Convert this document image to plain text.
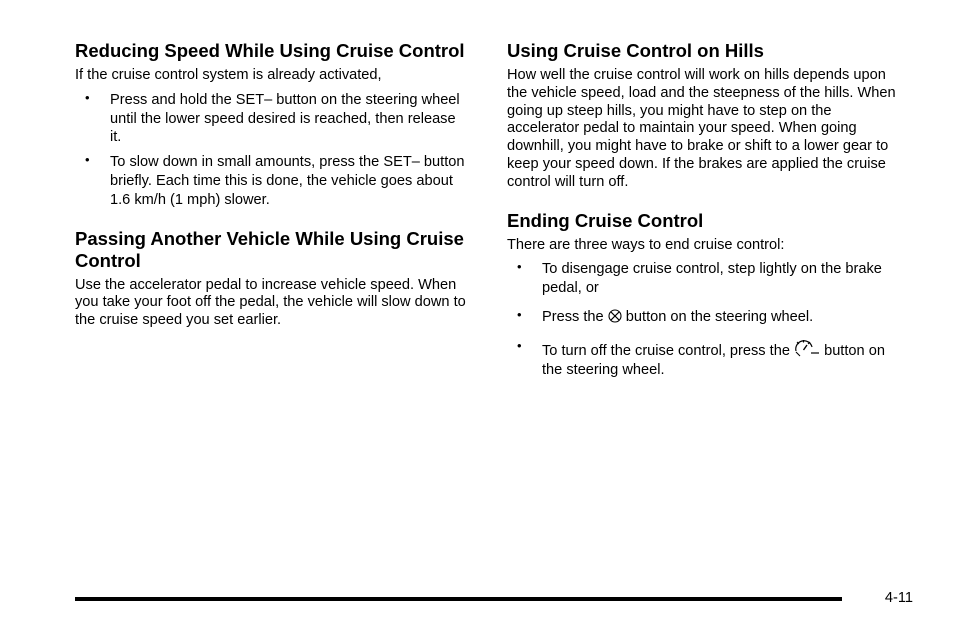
Reducing Speed While Using Cruise Control

If the cruise control system is already activated,

• Press and hold the SET– button on the steering wheel until the lower speed desired is reached, then release it.
• To slow down in small amounts, press the SET– button briefly. Each time this is done, the vehicle goes about 1.6 km/h (1 mph) slower.
Passing Another Vehicle While Using Cruise Control

Use the accelerator pedal to increase vehicle speed. When you take your foot off the pedal, the vehicle will slow down to the cruise speed you set earlier.

Using Cruise Control on Hills

How well the cruise control will work on hills depends upon the vehicle speed, load and the steepness of the hills. When going up steep hills, you might have to step on the accelerator pedal to maintain your speed. When going downhill, you might have to brake or shift to a lower gear to keep your speed down. If the brakes are applied the cruise control will turn off.

Ending Cruise Control

There are three ways to end cruise control:

• To disengage cruise control, step lightly on the brake pedal, or
• Press the button on the steering wheel.
• To turn off the cruise control, press the button on the steering wheel.
4-11
